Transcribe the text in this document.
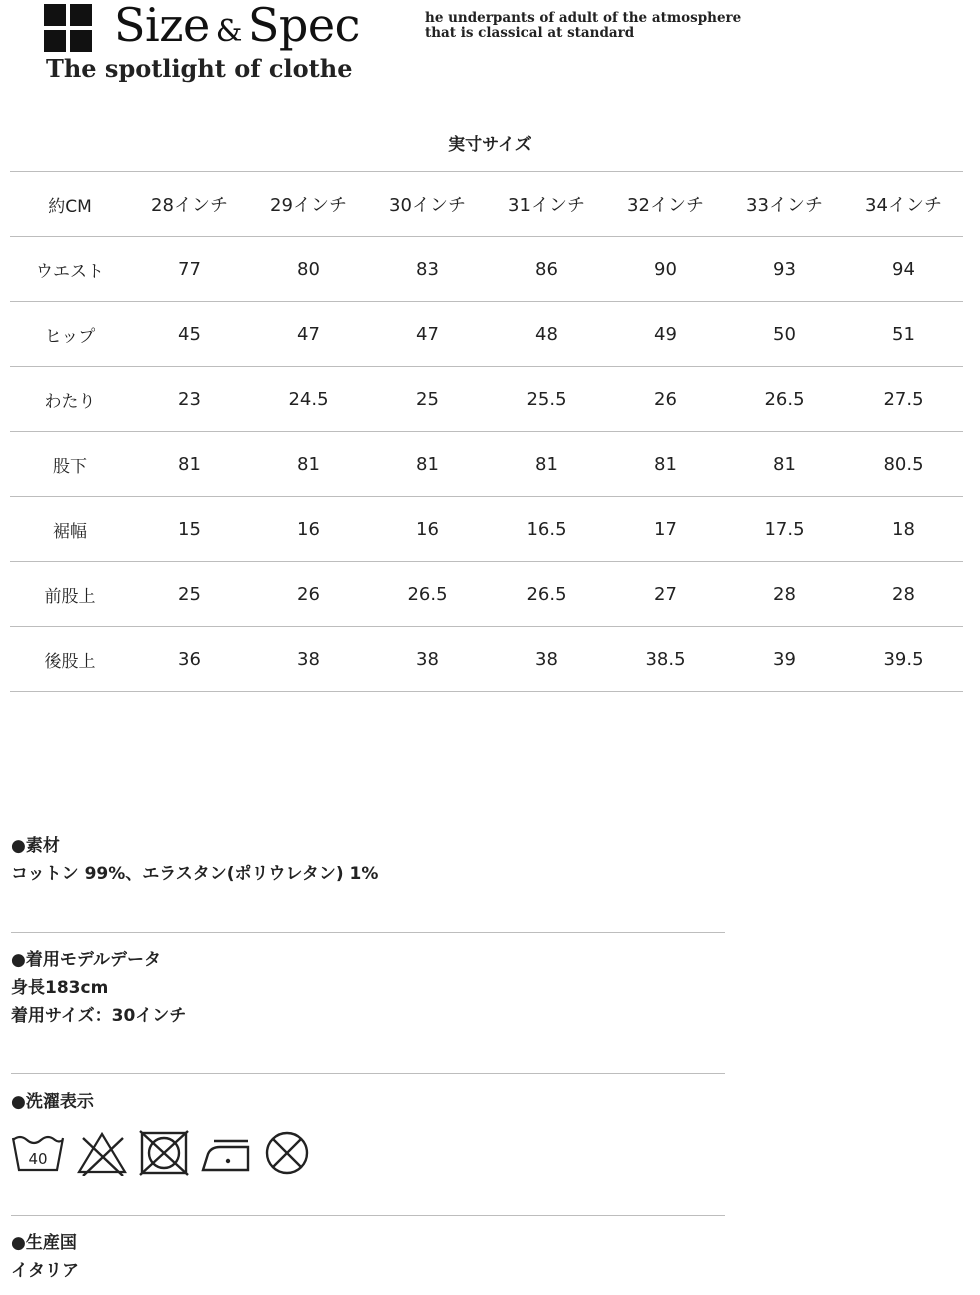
Size & Spec
The spotlight of clothe
he underpants of adult of the atmosphere
that is classical at standard
実寸サイズ
約CM	28インチ	29インチ	30インチ	31インチ	32インチ	33インチ	34インチ
ウエスト	77	80	83	86	90	93	94
ヒップ	45	47	47	48	49	50	51
わたり	23	24.5	25	25.5	26	26.5	27.5
股下	81	81	81	81	81	81	80.5
裾幅	15	16	16	16.5	17	17.5	18
前股上	25	26	26.5	26.5	27	28	28
後股上	36	38	38	38	38.5	39	39.5
●素材
コットン 99%、エラスタン(ポリウレタン) 1%
●着用モデルデータ
身長183cm
着用サイズ：30インチ
●洗濯表示
40
●生産国
イタリア
